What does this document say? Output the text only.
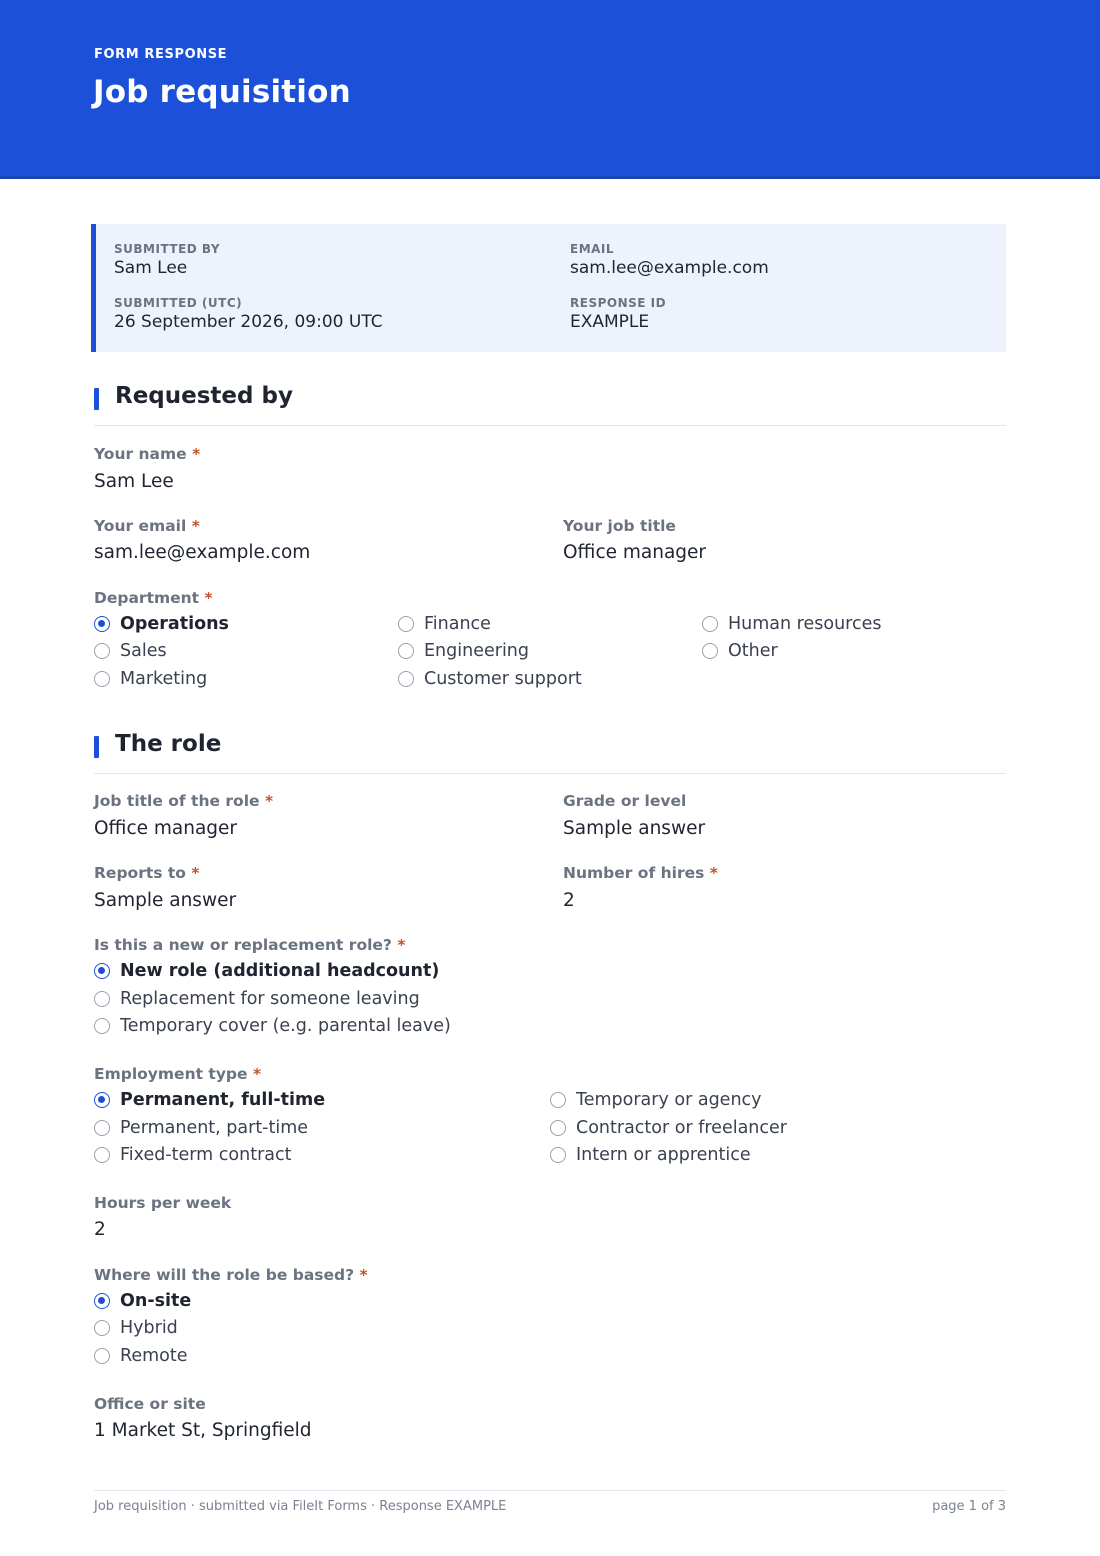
FORM RESPONSE
Job requisition
SUBMITTED BY
Sam Lee
EMAIL
sam.lee@example.com
SUBMITTED (UTC)
26 September 2026, 09:00 UTC
RESPONSE ID
EXAMPLE
Requested by
Your name *
Sam Lee
Your email *
sam.lee@example.com
Your job title
Office manager
Department *
Operations
Sales
Marketing
Finance
Engineering
Customer support
Human resources
Other
The role
Job title of the role *
Office manager
Grade or level
Sample answer
Reports to *
Sample answer
Number of hires *
2
Is this a new or replacement role? *
New role (additional headcount)
Replacement for someone leaving
Temporary cover (e.g. parental leave)
Employment type *
Permanent, full-time
Permanent, part-time
Fixed-term contract
Temporary or agency
Contractor or freelancer
Intern or apprentice
Hours per week
2
Where will the role be based? *
On-site
Hybrid
Remote
Office or site
1 Market St, Springfield
Job requisition · submitted via FileIt Forms · Response EXAMPLE	page 1 of 3
